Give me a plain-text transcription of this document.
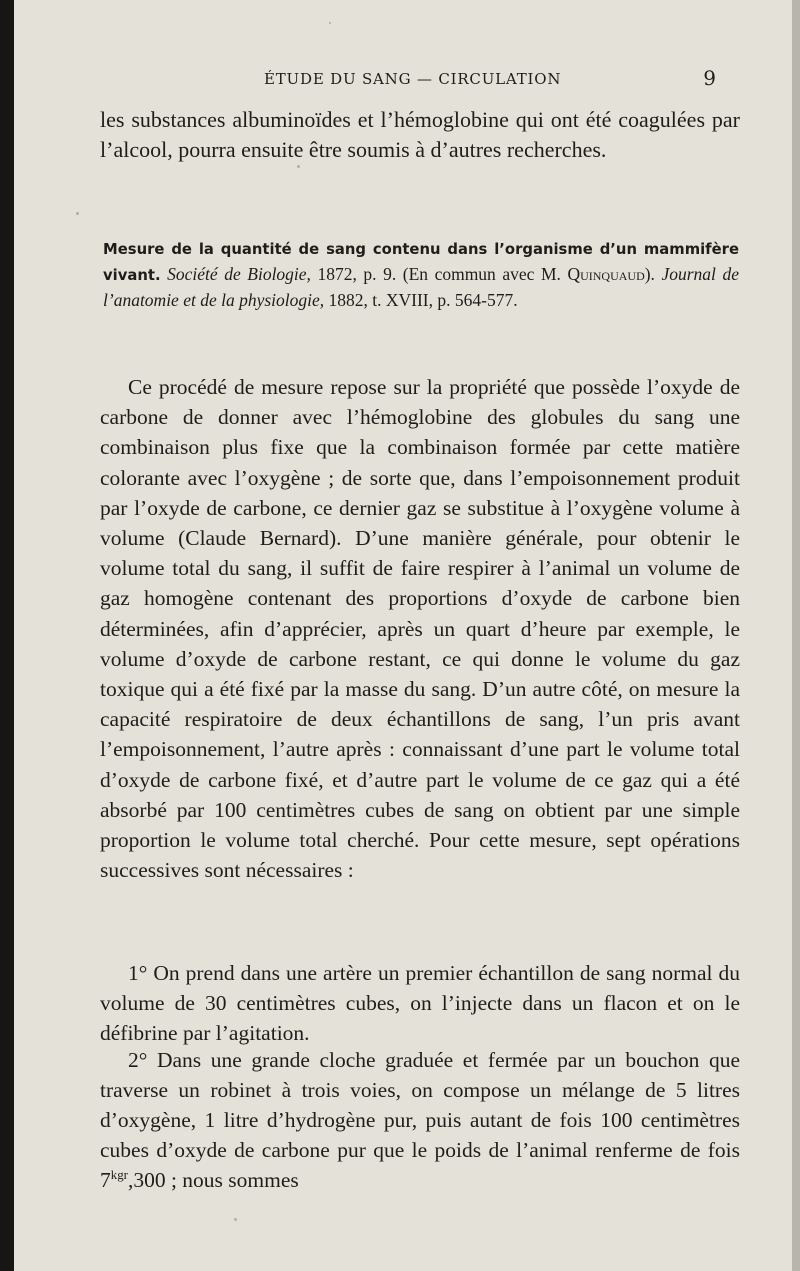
ÉTUDE DU SANG — CIRCULATION	9

les substances albuminoïdes et l’hémoglobine qui ont été coagulées par l’alcool, pourra ensuite être soumis à d’autres recherches.

Mesure de la quantité de sang contenu dans l’organisme d’un mammifère vivant. Société de Biologie, 1872, p. 9. (En commun avec M. Quinquaud). Journal de l’anatomie et de la physiologie, 1882, t. XVIII, p. 564-577.

Ce procédé de mesure repose sur la propriété que possède l’oxyde de carbone de donner avec l’hémoglobine des globules du sang une combinaison plus fixe que la combinaison formée par cette matière colorante avec l’oxygène ; de sorte que, dans l’empoisonnement produit par l’oxyde de carbone, ce dernier gaz se substitue à l’oxygène volume à volume (Claude Bernard). D’une manière générale, pour obtenir le volume total du sang, il suffit de faire respirer à l’animal un volume de gaz homogène contenant des proportions d’oxyde de carbone bien déterminées, afin d’apprécier, après un quart d’heure par exemple, le volume d’oxyde de carbone restant, ce qui donne le volume du gaz toxique qui a été fixé par la masse du sang. D’un autre côté, on mesure la capacité respiratoire de deux échantillons de sang, l’un pris avant l’empoisonnement, l’autre après : connaissant d’une part le volume total d’oxyde de carbone fixé, et d’autre part le volume de ce gaz qui a été absorbé par 100 centimètres cubes de sang on obtient par une simple proportion le volume total cherché. Pour cette mesure, sept opérations successives sont nécessaires :

1° On prend dans une artère un premier échantillon de sang normal du volume de 30 centimètres cubes, on l’injecte dans un flacon et on le défibrine par l’agitation.

2° Dans une grande cloche graduée et fermée par un bouchon que traverse un robinet à trois voies, on compose un mélange de 5 litres d’oxygène, 1 litre d’hydrogène pur, puis autant de fois 100 centimètres cubes d’oxyde de carbone pur que le poids de l’animal renferme de fois $7^{kgr},300$ ; nous sommes
